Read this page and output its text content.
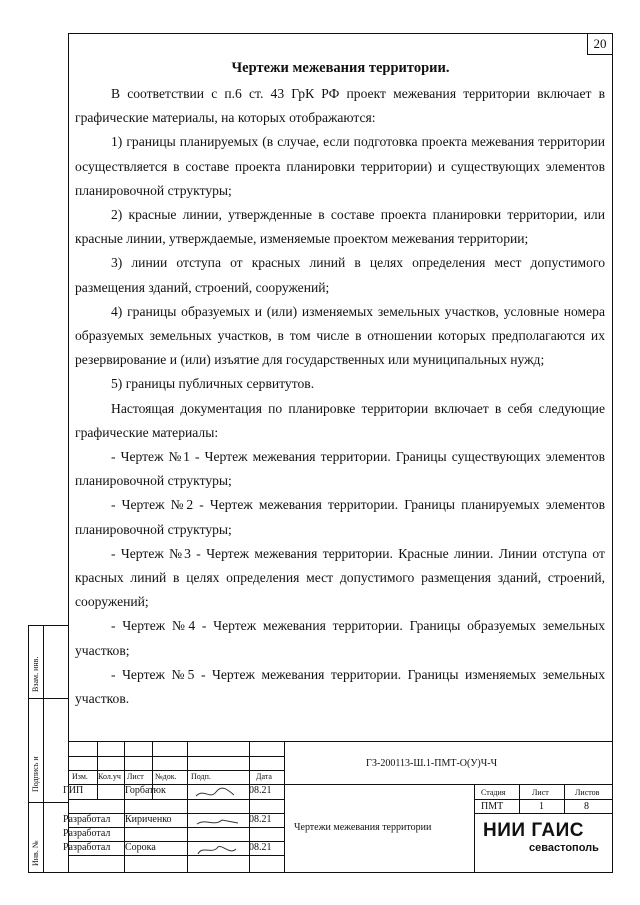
20
Чертежи межевания территории.

В соответствии с п.6 ст. 43 ГрК РФ проект межевания территории включает в графические материалы, на которых отображаются:

1) границы планируемых (в случае, если подготовка проекта межевания территории осуществляется в составе проекта планировки территории) и существующих элементов планировочной структуры;

2) красные линии, утвержденные в составе проекта планировки территории, или красные линии, утверждаемые, изменяемые проектом межевания территории;

3) линии отступа от красных линий в целях определения мест допустимого размещения зданий, строений, сооружений;

4) границы образуемых и (или) изменяемых земельных участков, условные номера образуемых земельных участков, в том числе в отношении которых предполагаются их резервирование и (или) изъятие для государственных или муниципальных нужд;

5) границы публичных сервитутов.

Настоящая документация по планировке территории включает в себя следующие графические материалы:

- Чертеж №1 - Чертеж межевания территории. Границы существующих элементов планировочной структуры;

- Чертеж №2 - Чертеж межевания территории. Границы планируемых элементов планировочной структуры;

- Чертеж №3 - Чертеж межевания территории. Красные линии. Линии отступа от красных линий в целях определения мест допустимого размещения зданий, строений, сооружений;

- Чертеж №4 - Чертеж межевания территории. Границы образуемых земельных участков;

- Чертеж №5 - Чертеж межевания территории. Границы изменяемых земельных участков.

Изм. Кол.уч Лист №док. Подп.	Дата
ГИП	Горбатюк	08.21
Разработал Кириченко	08.21
Разработал
Разработал Сорока	08.21
ГЗ-200113-Ш.1-ПМТ-О(У)Ч-Ч
Чертежи межевания территории
Стадия	Лист	Листов
ПМТ	1	8
НИИ ГАИС
севастополь
Взам. инв.
Подпись и
Инв. №
